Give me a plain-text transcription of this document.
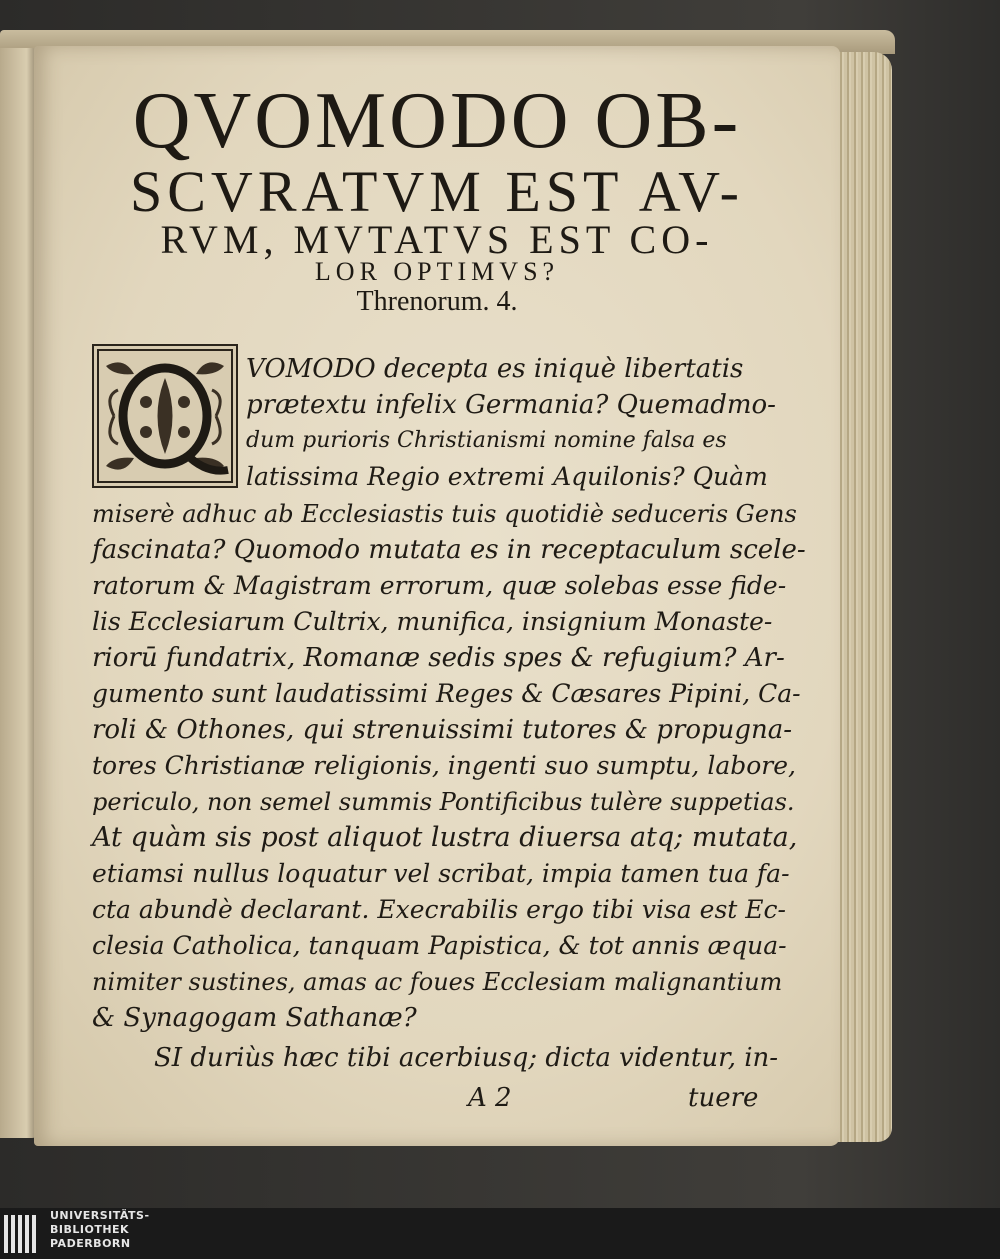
QVOMODO OB-
SCVRATVM EST AV-
RVM, MVTATVS EST CO-
LOR OPTIMVS?
Threnorum. 4.

VOMODO decepta es iniquè libertatis

prætextu infelix Germania? Quemadmo-

dum purioris Christianismi nomine falsa es

latissima Regio extremi Aquilonis? Quàm

miserè adhuc ab Ecclesiastis tuis quotidiè seduceris Gens

fascinata? Quomodo mutata es in receptaculum scele-

ratorum & Magistram errorum, quæ solebas esse fide-

lis Ecclesiarum Cultrix, munifica, insignium Monaste-

riorū fundatrix, Romanæ sedis spes & refugium? Ar-

gumento sunt laudatissimi Reges & Cæsares Pipini, Ca-

roli & Othones, qui strenuissimi tutores & propugna-

tores Christianæ religionis, ingenti suo sumptu, labore,

periculo, non semel summis Pontificibus tulère suppetias.

At quàm sis post aliquot lustra diuersa atq; mutata,

etiamsi nullus loquatur vel scribat, impia tamen tua fa-

cta abundè declarant. Execrabilis ergo tibi visa est Ec-

clesia Catholica, tanquam Papistica, & tot annis æqua-

nimiter sustines, amas ac foues Ecclesiam malignantium

& Synagogam Sathanæ?

SI duriùs hæc tibi acerbiusq; dicta videntur, in-

A 2	tuere

UNIVERSITÄTS-
BIBLIOTHEK
PADERBORN
